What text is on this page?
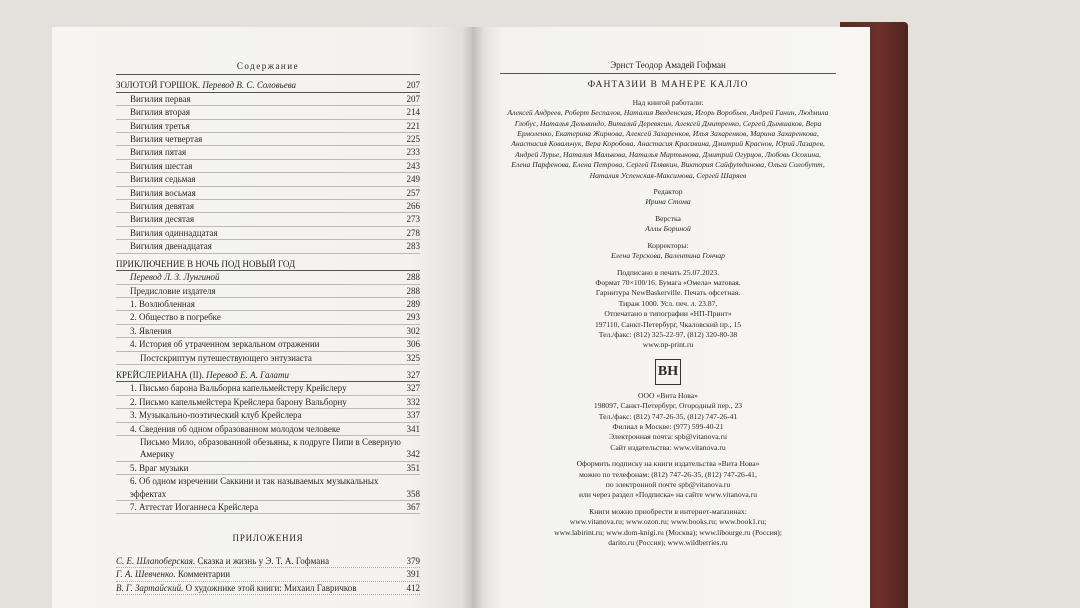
Содержание
ЗОЛОТОЙ ГОРШОК. Перевод В. С. Соловьева	207
Вигилия первая	207
Вигилия вторая	214
Вигилия третья	221
Вигилия четвертая	225
Вигилия пятая	233
Вигилия шестая	243
Вигилия седьмая	249
Вигилия восьмая	257
Вигилия девятая	266
Вигилия десятая	273
Вигилия одиннадцатая	278
Вигилия двенадцатая	283
ПРИКЛЮЧЕНИЕ В НОЧЬ ПОД НОВЫЙ ГОД
Перевод Л. З. Лунгиной	288
Предисловие издателя	288
1. Возлюбленная	289
2. Общество в погребке	293
3. Явления	302
4. История об утраченном зеркальном отражении	306
Постскриптум путешествующего энтузиаста	325
КРЕЙСЛЕРИАНА (II). Перевод Е. А. Галати	327
1. Письмо барона Вальборна капельмейстеру Крейслеру	327
2. Письмо капельмейстера Крейслера барону Вальборну	332
3. Музыкально-поэтический клуб Крейслера	337
4. Сведения об одном образованном молодом человеке	341
Письмо Мило, образованной обезьяны, к подруге Пипи в Северную Америку	342
5. Враг музыки	351
6. Об одном изречении Саккини и так называемых музыкальных эффектах	358
7. Аттестат Иоганнеса Крейслера	367
ПРИЛОЖЕНИЯ
С. Е. Шлапоберская. Сказка и жизнь у Э. Т. А. Гофмана	379
Г. А. Шевченко. Комментарии	391
В. Г. Зартайский. О художнике этой книги: Михаил Гавричков	412
Эрнст Теодор Амадей Гофман
ФАНТАЗИИ В МАНЕРЕ КАЛЛО
Над книгой работали:
Алексей Андреев, Роберт Беспалов, Наталия Введенская, Игорь Воробьев, Андрей Ганин, Людмила Глобус, Наталья Дельвиндо, Виталий Деревягин, Алексей Дмитренко, Сергей Дымшаков, Вера Ермоленко, Екатерина Жирнова, Алексей Захаренков, Илья Захаренков, Марина Захаренкова, Анастасия Ковальчук, Вера Коробова, Анастасия Красавина, Дмитрий Краснов, Юрий Лазарев, Андрей Лурье, Наталия Малькова, Наталья Мартынова, Дмитрий Огурцов, Любовь Осокина, Елена Парфенова, Елена Петрова, Сергей Плявкин, Виктория Сайфутдинова, Ольга Солобутт, Наталия Успенская-Максимова, Сергей Шаряев
Редактор
Ирина Стома
Верстка
Аллы Бориной
Корректоры:
Елена Терскова, Валентина Гончар
Подписано в печать 25.07.2023.
Формат 70×100/16. Бумага «Омела» матовая.
Гарнитура NewBaskerville. Печать офсетная.
Тираж 1000. Усл. печ. л. 23.87.
Отпечатано в типографии «НП-Принт»
197110, Санкт-Петербург, Чкаловский пр., 15
Тел./факс: (812) 325-22-97, (812) 320-80-38
www.np-print.ru
ВН
ООО «Вита Нова»
198097, Санкт-Петербург, Огородный пер., 23
Тел./факс: (812) 747-26-35, (812) 747-26-41
Филиал в Москве: (977) 599-40-21
Электронная почта: spb@vitanova.ru
Сайт издательства: www.vitanova.ru
Оформить подписку на книги издательства «Вита Нова»
можно по телефонам: (812) 747-26-35, (812) 747-26-41,
по электронной почте spb@vitanova.ru
или через раздел «Подписка» на сайте www.vitanova.ru
Книги можно приобрести в интернет-магазинах:
www.vitanova.ru; www.ozon.ru; www.books.ru; www.book1.ru;
www.labirint.ru; www.dom-knigi.ru (Москва); www.libourge.ru (Россия);
darito.ru (Россия); www.wildberries.ru
